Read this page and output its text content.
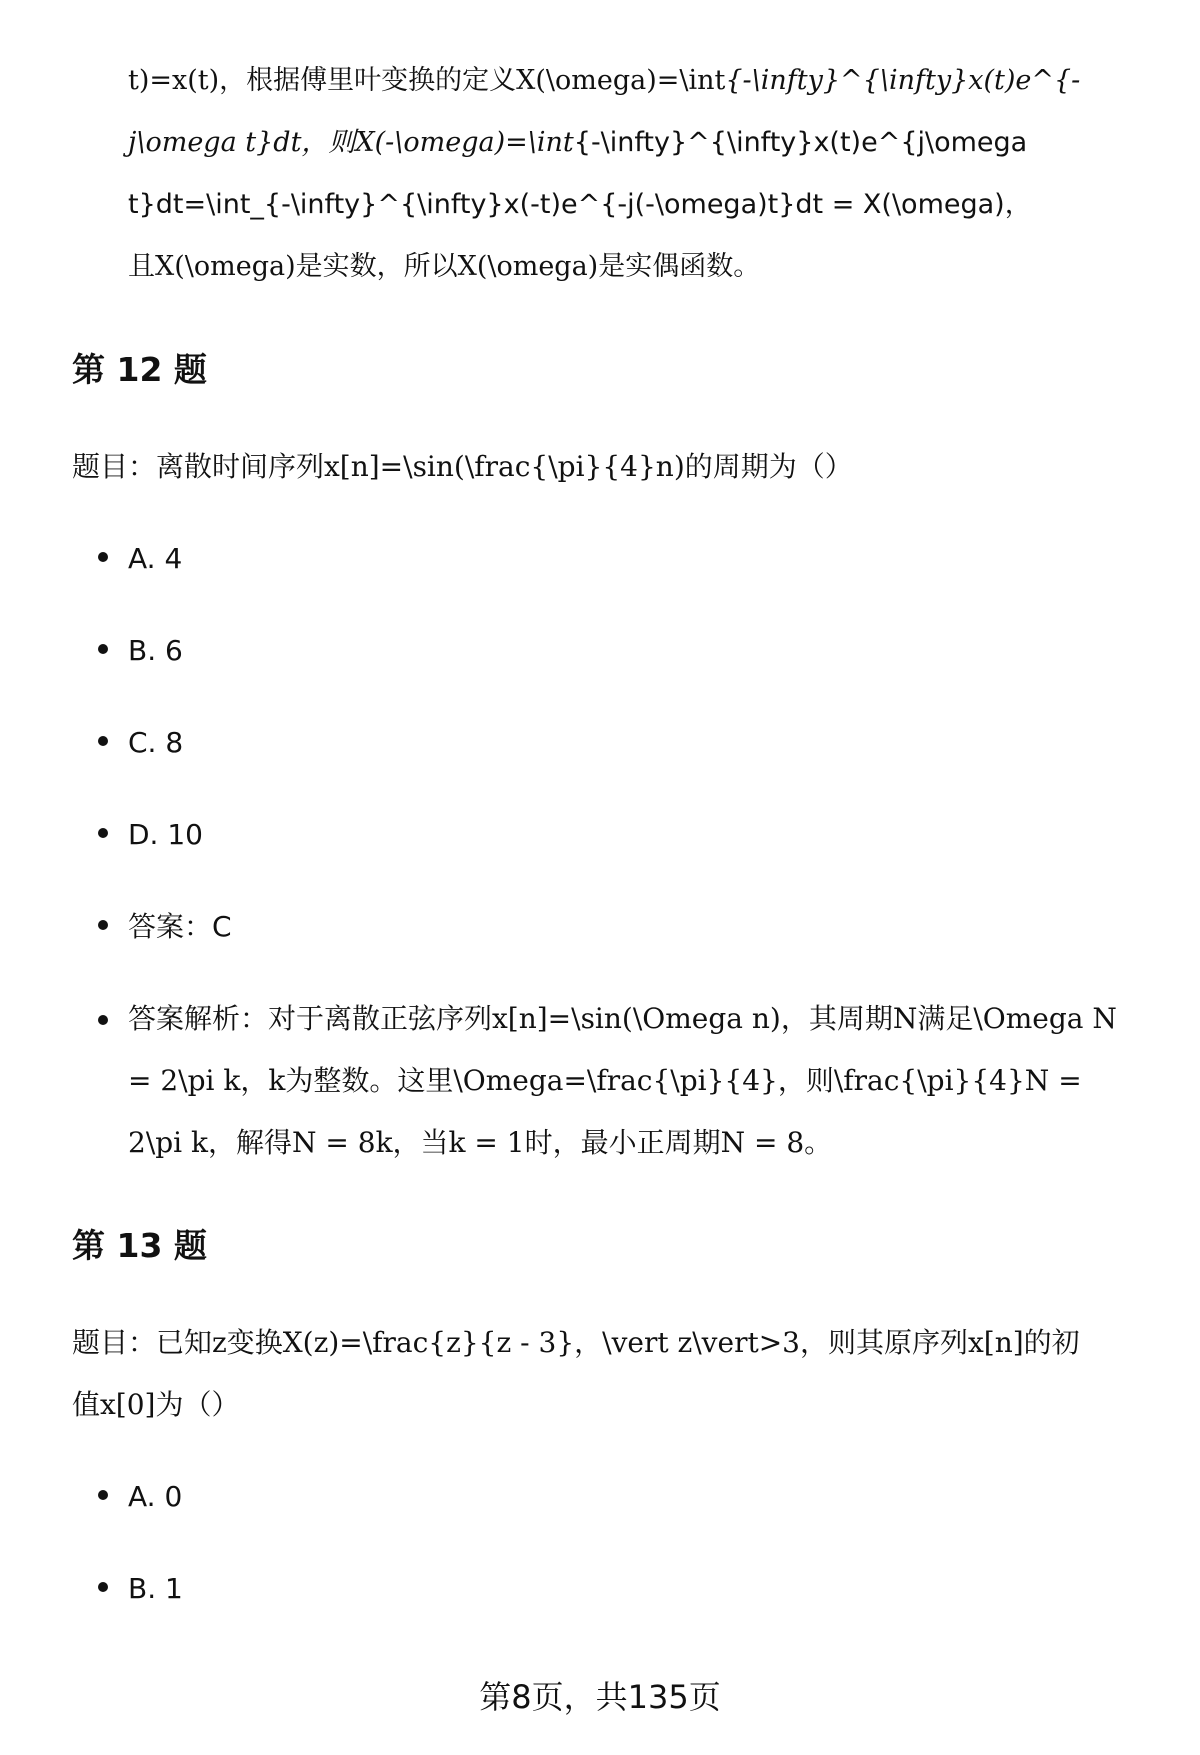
t)=x(t)，根据傅里叶变换的定义X(\omega)=\int{-\infty}^{\infty}x(t)e^{-
j\omega t}dt，则X(-\omega)=\int{-\infty}^{\infty}x(t)e^{j\omega
t}dt=\int_{-\infty}^{\infty}x(-t)e^{-j(-\omega)t}dt = X(\omega)，
且X(\omega)是实数，所以X(\omega)是实偶函数。
第 12 题
题目：离散时间序列x[n]=\sin(\frac{\pi}{4}n)的周期为（）
A. 4
B. 6
C. 8
D. 10
答案：C
答案解析：对于离散正弦序列x[n]=\sin(\Omega n)，其周期N满足\Omega N = 2\pi k，k为整数。这里\Omega=\frac{\pi}{4}，则\frac{\pi}{4}N = 2\pi k，解得N = 8k，当k = 1时，最小正周期N = 8。
第 13 题
题目：已知z变换X(z)=\frac{z}{z - 3}，\vert z\vert>3，则其原序列x[n]的初值x[0]为（）
A. 0
B. 1
第8页，共135页
